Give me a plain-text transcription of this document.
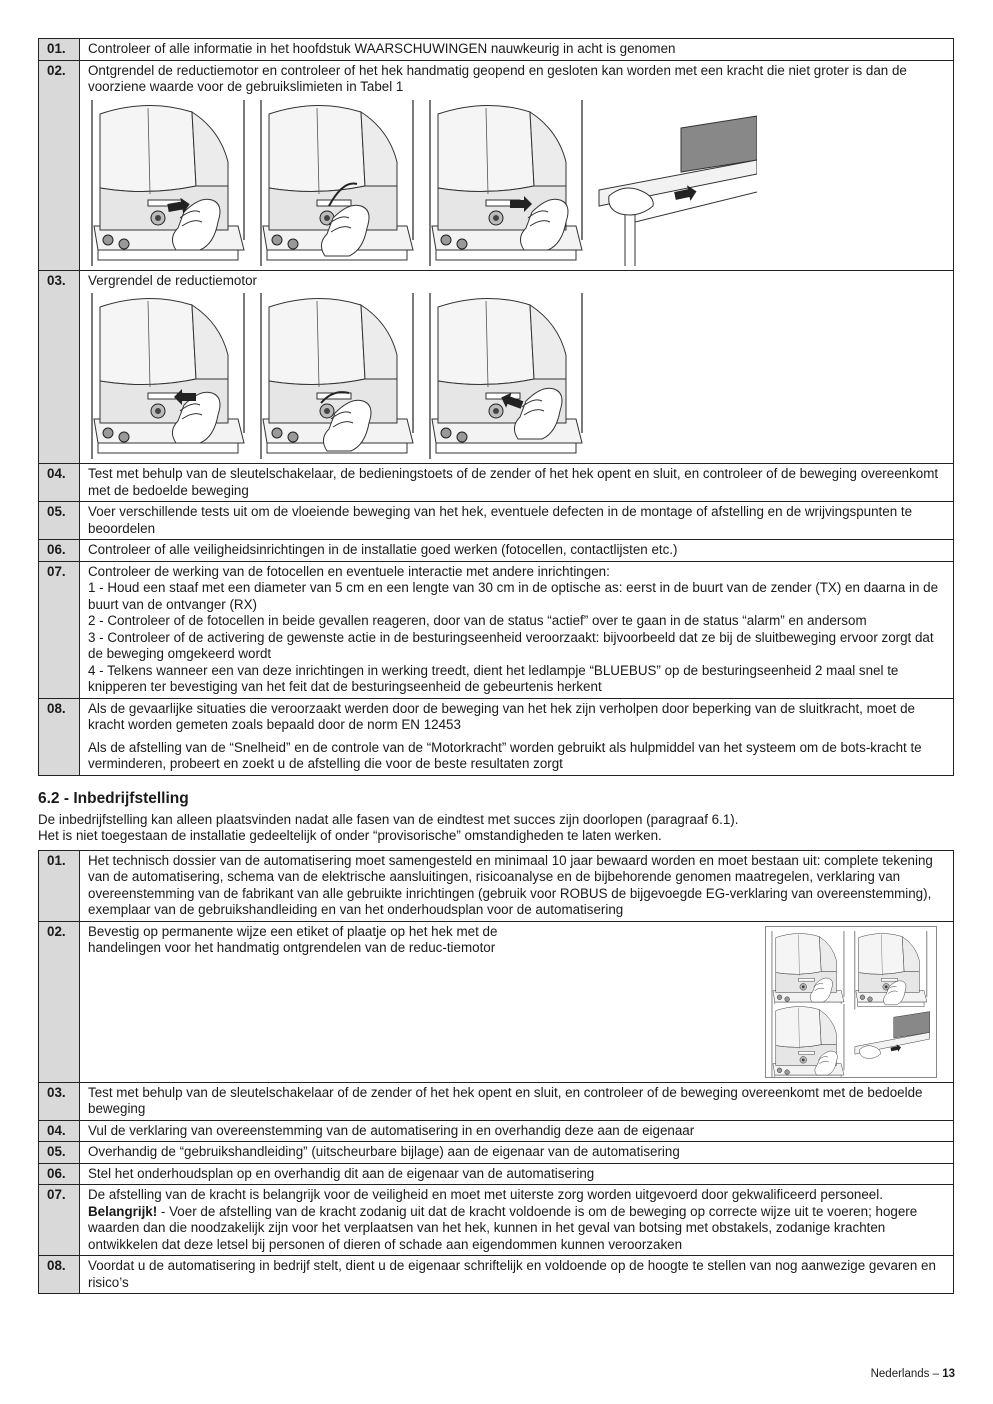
01.	Controleer of alle informatie in het hoofdstuk WAARSCHUWINGEN nauwkeurig in acht is genomen
02.	Ontgrendel de reductiemotor en controleer of het hek handmatig geopend en gesloten kan worden met een kracht die niet groter is dan de voorziene waarde voor de gebruikslimieten in Tabel 1

03.	Vergrendel de reductiemotor

04.	Test met behulp van de sleutelschakelaar, de bedieningstoets of de zender of het hek opent en sluit, en controleer of de beweging overeenkomt met de bedoelde beweging
05.	Voer verschillende tests uit om de vloeiende beweging van het hek, eventuele defecten in de montage of afstelling en de wrijvingspunten te beoordelen
06.	Controleer of alle veiligheidsinrichtingen in de installatie goed werken (fotocellen, contactlijsten etc.)
07.	Controleer de werking van de fotocellen en eventuele interactie met andere inrichtingen:
1 - Houd een staaf met een diameter van 5 cm en een lengte van 30 cm in de optische as: eerst in de buurt van de zender (TX) en daarna in de buurt van de ontvanger (RX)
2 - Controleer of de fotocellen in beide gevallen reageren, door van de status “actief” over te gaan in de status “alarm” en andersom
3 - Controleer of de activering de gewenste actie in de besturingseenheid veroorzaakt: bijvoorbeeld dat ze bij de sluitbeweging ervoor zorgt dat de beweging omgekeerd wordt
4 - Telkens wanneer een van deze inrichtingen in werking treedt, dient het ledlampje “BLUEBUS” op de besturingseenheid 2 maal snel te knipperen ter bevestiging van het feit dat de besturingseenheid de gebeurtenis herkent

08.	Als de gevaarlijke situaties die veroorzaakt werden door de beweging van het hek zijn verholpen door beperking van de sluitkracht, moet de kracht worden gemeten zoals bepaald door de norm EN 12453
Als de afstelling van de “Snelheid” en de controle van de “Motorkracht” worden gebruikt als hulpmiddel van het systeem om de bots-kracht te verminderen, probeert en zoekt u de afstelling die voor de beste resultaten zorgt
6.2 - Inbedrijfstelling
De inbedrijfstelling kan alleen plaatsvinden nadat alle fasen van de eindtest met succes zijn doorlopen (paragraaf 6.1).
Het is niet toegestaan de installatie gedeeltelijk of onder “provisorische” omstandigheden te laten werken.
01.	Het technisch dossier van de automatisering moet samengesteld en minimaal 10 jaar bewaard worden en moet bestaan uit: complete tekening van de automatisering, schema van de elektrische aansluitingen, risicoanalyse en de bijbehorende genomen maatregelen, verklaring van overeenstemming van de fabrikant van alle gebruikte inrichtingen (gebruik voor ROBUS de bijgevoegde EG-verklaring van overeenstemming), exemplaar van de gebruikshandleiding en van het onderhoudsplan voor de automatisering
02.	Bevestig op permanente wijze een etiket of plaatje op het hek met de handelingen voor het handmatig ontgrendelen van de reduc-tiemotor

03.	Test met behulp van de sleutelschakelaar of de zender of het hek opent en sluit, en controleer of de beweging overeenkomt met de bedoelde beweging
04.	Vul de verklaring van overeenstemming van de automatisering in en overhandig deze aan de eigenaar
05.	Overhandig de “gebruikshandleiding” (uitscheurbare bijlage) aan de eigenaar van de automatisering
06.	Stel het onderhoudsplan op en overhandig dit aan de eigenaar van de automatisering
07.	De afstelling van de kracht is belangrijk voor de veiligheid en moet met uiterste zorg worden uitgevoerd door gekwalificeerd personeel.
Belangrijk! - Voer de afstelling van de kracht zodanig uit dat de kracht voldoende is om de beweging op correcte wijze uit te voeren; hogere waarden dan die noodzakelijk zijn voor het verplaatsen van het hek, kunnen in het geval van botsing met obstakels, zodanige krachten ontwikkelen dat deze letsel bij personen of dieren of schade aan eigendommen kunnen veroorzaken

08.	Voordat u de automatisering in bedrijf stelt, dient u de eigenaar schriftelijk en voldoende op de hoogte te stellen van nog aanwezige gevaren en risico’s
Nederlands – 13
